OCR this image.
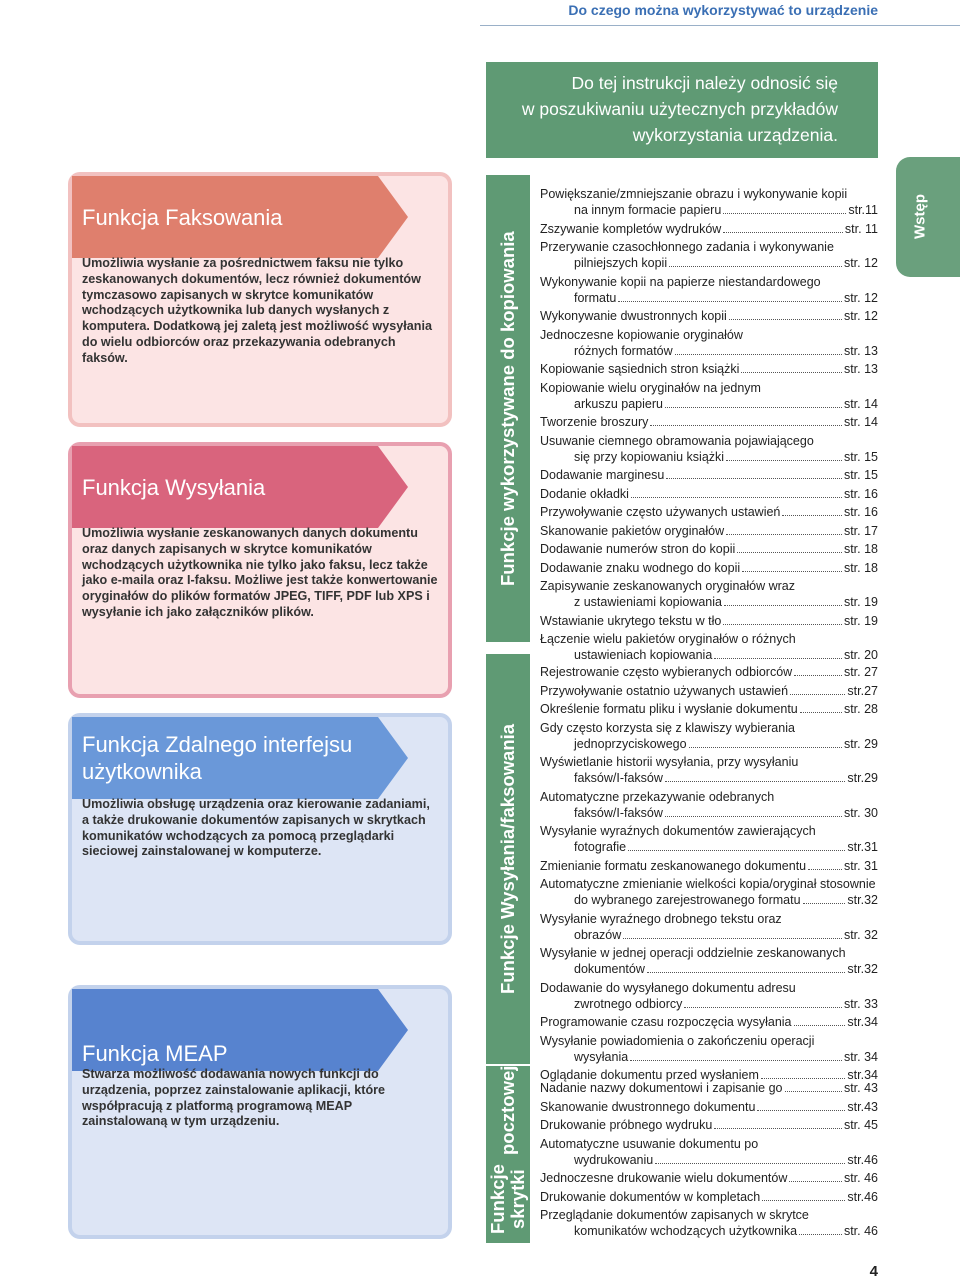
Do czego można wykorzystywać to urządzenie
Do tej instrukcji należy odnosić się
w poszukiwaniu użytecznych przykładów
wykorzystania urządzenia.
Wstęp
Funkcja Faksowania

Umożliwia wysłanie za pośrednictwem faksu nie tylko zeskanowanych dokumentów, lecz również dokumentów tymczasowo zapisanych w skrytce komunikatów wchodzących użytkownika lub danych wysłanych z komputera. Dodatkową jej zaletą jest możliwość wysyłania do wielu odbiorców oraz przekazywania odebranych faksów.

Funkcja Wysyłania

Umożliwia wysłanie zeskanowanych danych dokumentu oraz danych zapisanych w skrytce komunikatów wchodzących użytkownika nie tylko jako faksu, lecz także jako e-maila oraz I-faksu. Możliwe jest także konwertowanie oryginałów do plików formatów JPEG, TIFF, PDF lub XPS i wysyłanie ich jako załączników plików.

Funkcja Zdalnego interfejsu
użytkownika

Umożliwia obsługę urządzenia oraz kierowanie zadaniami, a także drukowanie dokumentów zapisanych w skrytkach komunikatów wchodzących za pomocą przeglądarki sieciowej zainstalowanej w komputerze.

Funkcja MEAP

Stwarza możliwość dodawania nowych funkcji do urządzenia, poprzez zainstalowanie aplikacji, które współpracują z platformą programową MEAP zainstalowaną w tym urządzeniu.

Funkcje wykorzystywane do kopiowania
Funkcje Wysyłania/faksowania
Funkcje skrytki
pocztowej
Powiększanie/zmniejszanie obrazu i wykonywanie kopii
na innym formacie papieru	str.11
Zszywanie kompletów wydruków	str. 11
Przerywanie czasochłonnego zadania i wykonywanie
pilniejszych kopii	str. 12
Wykonywanie kopii na papierze niestandardowego
formatu	str. 12
Wykonywanie dwustronnych kopii	str. 12
Jednoczesne kopiowanie oryginałów
różnych formatów	str. 13
Kopiowanie sąsiednich stron książki	str. 13
Kopiowanie wielu oryginałów na jednym
arkuszu papieru	str. 14
Tworzenie broszury	str. 14
Usuwanie ciemnego obramowania pojawiającego
się przy kopiowaniu książki	str. 15
Dodawanie marginesu	str. 15
Dodanie okładki	str. 16
Przywoływanie często używanych ustawień	str. 16
Skanowanie pakietów oryginałów	str. 17
Dodawanie numerów stron do kopii	str. 18
Dodawanie znaku wodnego do kopii	str. 18
Zapisywanie zeskanowanych oryginałów wraz
z ustawieniami kopiowania	str. 19
Wstawianie ukrytego tekstu w tło	str. 19
Łączenie wielu pakietów oryginałów o różnych
ustawieniach kopiowania	str. 20
Rejestrowanie często wybieranych odbiorców	str. 27
Przywoływanie ostatnio używanych ustawień	str.27
Określenie formatu pliku i wysłanie dokumentu	str. 28
Gdy często korzysta się z klawiszy wybierania
jednoprzyciskowego	str. 29
Wyświetlanie historii wysyłania, przy wysyłaniu
faksów/I-faksów	str.29
Automatyczne przekazywanie odebranych
faksów/I-faksów	str. 30
Wysyłanie wyraźnych dokumentów zawierających
fotografie	str.31
Zmienianie formatu zeskanowanego dokumentu	str. 31
Automatyczne zmienianie wielkości kopia/oryginał stosownie
do wybranego zarejestrowanego formatu	str.32
Wysyłanie wyraźnego drobnego tekstu oraz
obrazów	str. 32
Wysyłanie w jednej operacji oddzielnie zeskanowanych
dokumentów	str.32
Dodawanie do wysyłanego dokumentu adresu
zwrotnego odbiorcy	str. 33
Programowanie czasu rozpoczęcia wysyłania	str.34
Wysyłanie powiadomienia o zakończeniu operacji
wysyłania	str. 34
Oglądanie dokumentu przed wysłaniem	str.34
Nadanie nazwy dokumentowi i zapisanie go	str. 43
Skanowanie dwustronnego dokumentu	str.43
Drukowanie próbnego wydruku	str. 45
Automatyczne usuwanie dokumentu po
wydrukowaniu	str.46
Jednoczesne drukowanie wielu dokumentów	str. 46
Drukowanie dokumentów w kompletach	str.46
Przeglądanie dokumentów zapisanych w skrytce
komunikatów wchodzących użytkownika	str. 46
4
